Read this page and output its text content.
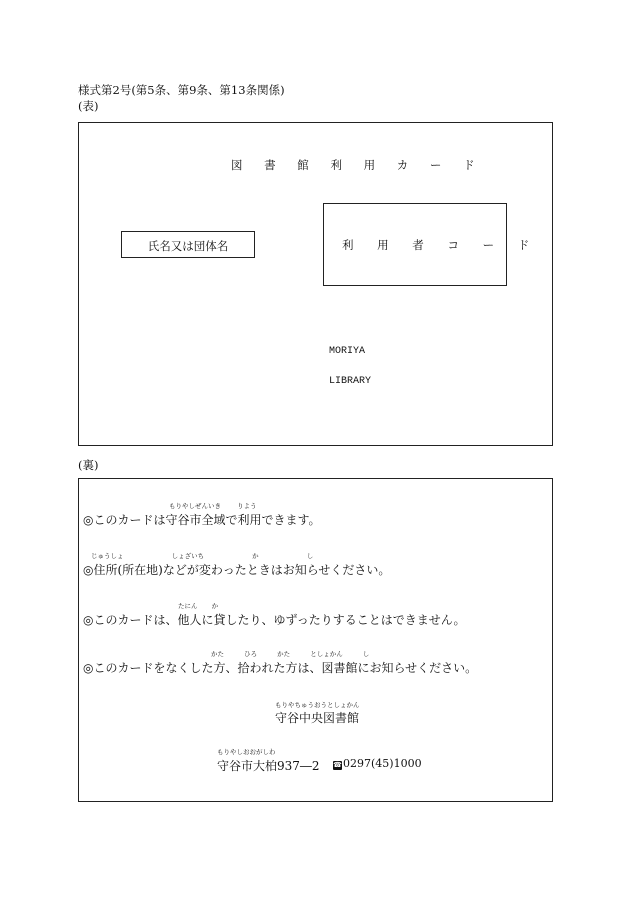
様式第2号(第5条、第9条、第13条関係)
(表)
図 書 館 利 用 カ ー ド
氏名又は団体名	利 用 者 コ ー ド
MORIYA
LIBRARY
(裏)
もりやしぜんいき りよう
◎このカードは守谷市全域で利用できます。
じゅうしょ しょざいち か し
◎住所(所在地)などが変わったときはお知らせください。
たにん か
◎このカードは、他人に貸したり、ゆずったりすることはできません。
かた ひろ かた としょかん し
◎このカードをなくした方、拾われた方は、図書館にお知らせください。
もりやちゅうおうとしょかん
守谷中央図書館
もりやしおおがしわ
守谷市大柏937―2 ☎0297(45)1000
